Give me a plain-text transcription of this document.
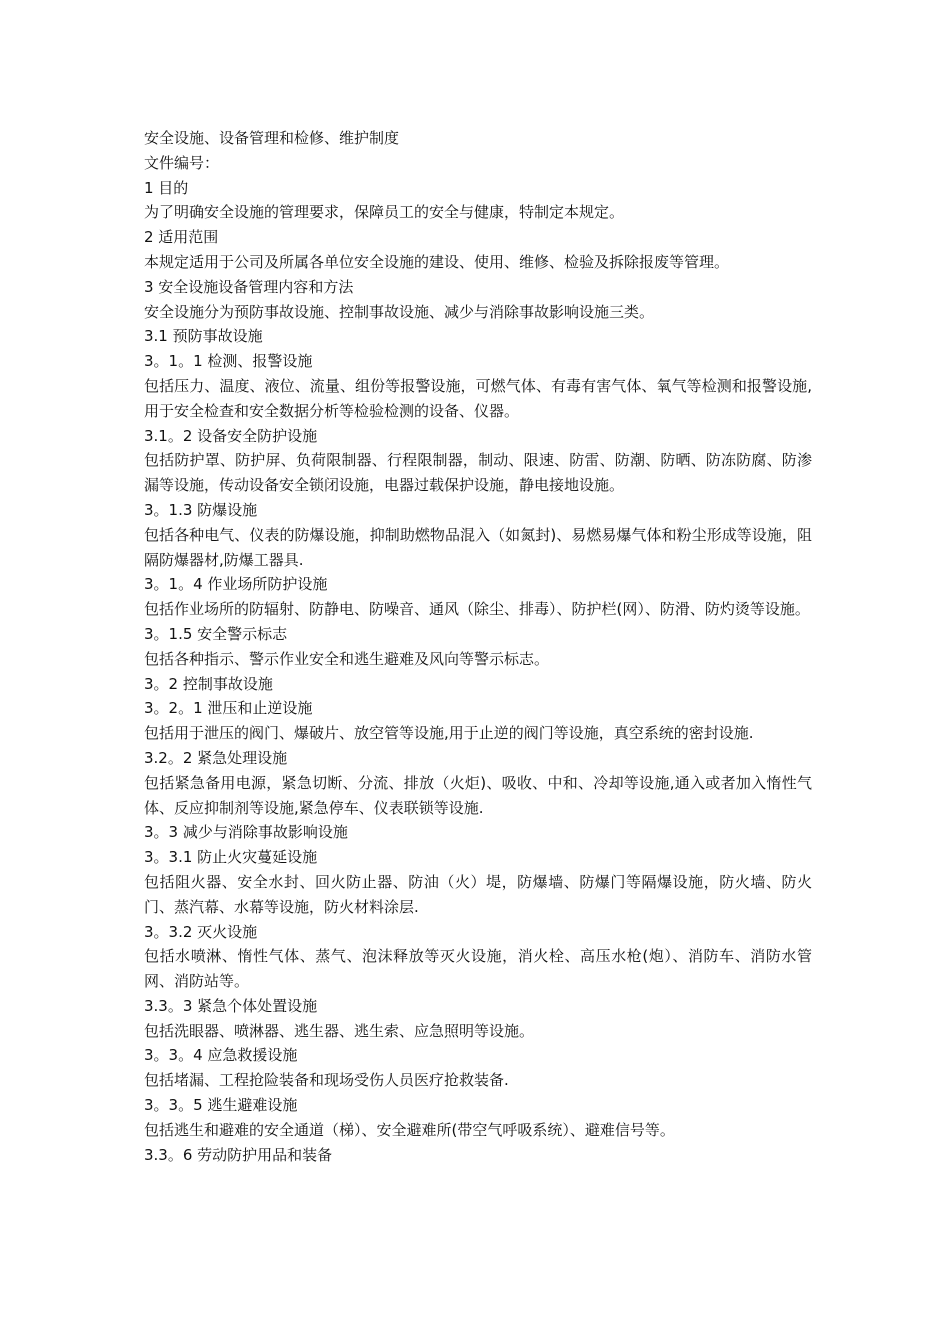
安全设施、设备管理和检修、维护制度

文件编号：

1 目的

为了明确安全设施的管理要求，保障员工的安全与健康，特制定本规定。

2 适用范围

本规定适用于公司及所属各单位安全设施的建设、使用、维修、检验及拆除报废等管理。

3 安全设施设备管理内容和方法

安全设施分为预防事故设施、控制事故设施、减少与消除事故影响设施三类。

3.1 预防事故设施

3。1。1 检测、报警设施

包括压力、温度、液位、流量、组份等报警设施，可燃气体、有毒有害气体、氧气等检测和报警设施,用于安全检查和安全数据分析等检验检测的设备、仪器。

3.1。2 设备安全防护设施

包括防护罩、防护屏、负荷限制器、行程限制器，制动、限速、防雷、防潮、防晒、防冻防腐、防渗漏等设施，传动设备安全锁闭设施，电器过载保护设施，静电接地设施。

3。1.3 防爆设施

包括各种电气、仪表的防爆设施，抑制助燃物品混入（如氮封)、易燃易爆气体和粉尘形成等设施，阻隔防爆器材,防爆工器具.

3。1。4 作业场所防护设施

包括作业场所的防辐射、防静电、防噪音、通风（除尘、排毒）、防护栏(网）、防滑、防灼烫等设施。

3。1.5 安全警示标志

包括各种指示、警示作业安全和逃生避难及风向等警示标志。

3。2 控制事故设施

3。2。1 泄压和止逆设施

包括用于泄压的阀门、爆破片、放空管等设施,用于止逆的阀门等设施，真空系统的密封设施.

3.2。2 紧急处理设施

包括紧急备用电源，紧急切断、分流、排放（火炬)、吸收、中和、冷却等设施,通入或者加入惰性气体、反应抑制剂等设施,紧急停车、仪表联锁等设施.

3。3 减少与消除事故影响设施

3。3.1 防止火灾蔓延设施

包括阻火器、安全水封、回火防止器、防油（火）堤，防爆墙、防爆门等隔爆设施，防火墙、防火门、蒸汽幕、水幕等设施，防火材料涂层.

3。3.2 灭火设施

包括水喷淋、惰性气体、蒸气、泡沫释放等灭火设施，消火栓、高压水枪(炮）、消防车、消防水管网、消防站等。

3.3。3 紧急个体处置设施

包括洗眼器、喷淋器、逃生器、逃生索、应急照明等设施。

3。3。4 应急救援设施

包括堵漏、工程抢险装备和现场受伤人员医疗抢救装备.

3。3。5 逃生避难设施

包括逃生和避难的安全通道（梯）、安全避难所(带空气呼吸系统）、避难信号等。

3.3。6 劳动防护用品和装备
